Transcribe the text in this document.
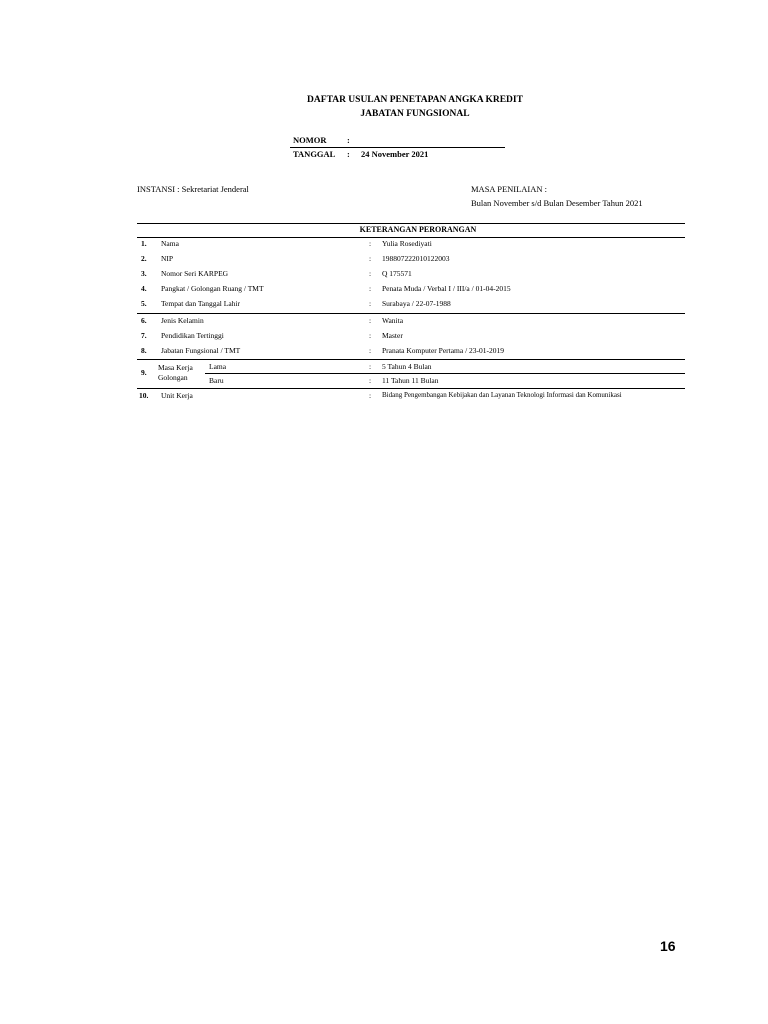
DAFTAR USULAN PENETAPAN ANGKA KREDIT
JABATAN FUNGSIONAL
NOMOR :
TANGGAL : 24 November 2021
INSTANSI : Sekretariat Jenderal	MASA PENILAIAN :
Bulan November s/d Bulan Desember Tahun 2021
KETERANGAN PERORANGAN
1.	Nama	: Yulia Rosediyati
2.	NIP	: 198807222010122003
3.	Nomor Seri KARPEG	: Q 175571
4.	Pangkat / Golongan Ruang / TMT	: Penata Muda / Verbal I / III/a / 01-04-2015
5.	Tempat dan Tanggal Lahir	: Surabaya / 22-07-1988
6.	Jenis Kelamin	: Wanita
7.	Pendidikan Tertinggi	: Master
8.	Jabatan Fungsional / TMT	: Pranata Komputer Pertama / 23-01-2019
9.
Masa Kerja Golongan
Lama	: 5 Tahun 4 Bulan
Baru	: 11 Tahun 11 Bulan
10.	Unit Kerja	: Bidang Pengembangan Kebijakan dan Layanan Teknologi Informasi dan Komunikasi
16
